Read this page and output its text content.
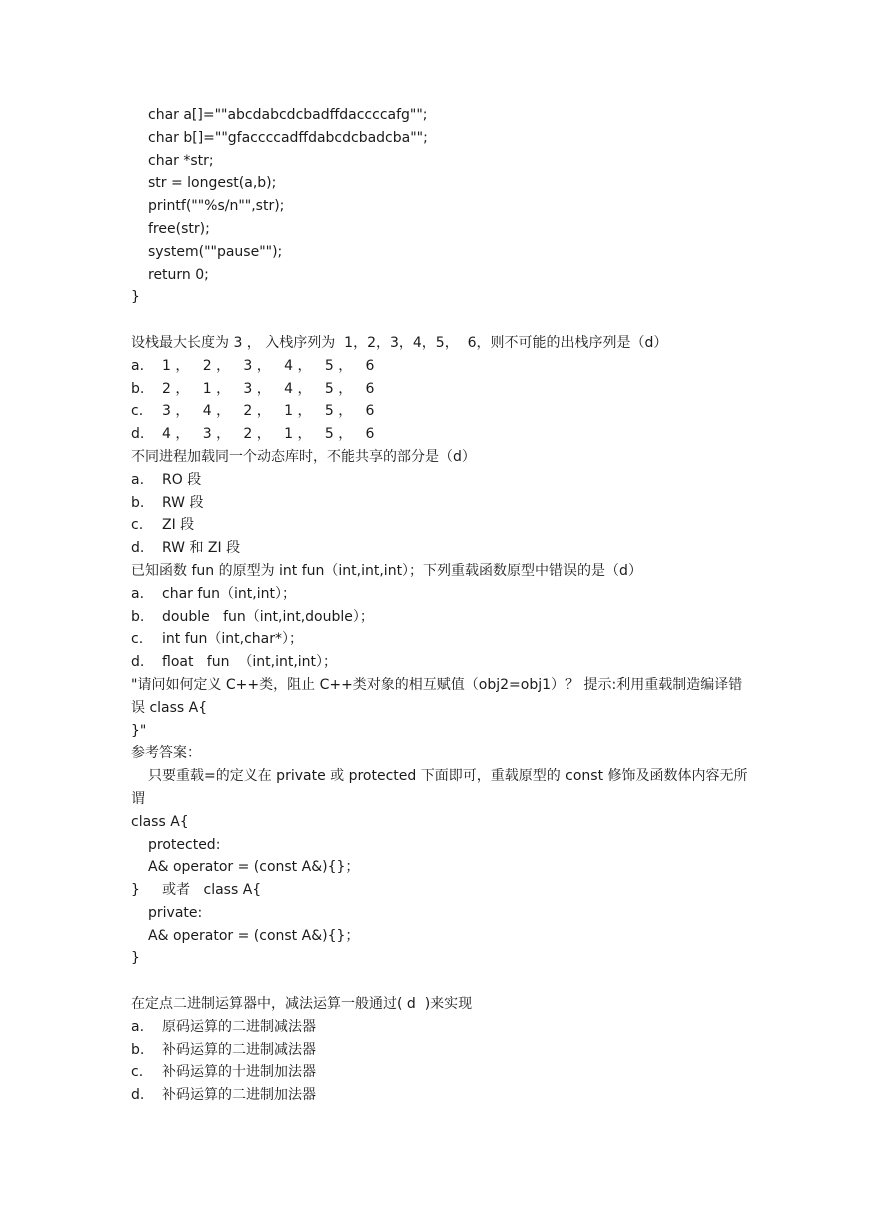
char a[]=""abcdabcdcbadffdaccccafg"";
char b[]=""gfaccccadffdabcdcbadcba"";
char *str;
str = longest(a,b);
printf(""%s/n"",str);
free(str);
system(""pause"");
return 0;
}
设栈最大长度为 3 ， 入栈序列为  1，2，3，4，5，  6，则不可能的出栈序列是（d）
a.	1 ，   2 ，   3 ，   4 ，   5 ，   6
b.	2 ，   1 ，   3 ，   4 ，   5 ，   6
c.	3 ，   4 ，   2 ，   1 ，   5 ，   6
d.	4 ，   3 ，   2 ，   1 ，   5 ，   6
不同进程加载同一个动态库时，不能共享的部分是（d）
a.	RO 段
b.	RW 段
c.	ZI 段
d.	RW 和 ZI 段
已知函数 fun 的原型为 int fun（int,int,int）；下列重载函数原型中错误的是（d）
a.	char fun（int,int）；
b.	double   fun（int,int,double）；
c.	int fun（int,char*）；
d.	float   fun  （int,int,int）；
"请问如何定义 C++类，阻止 C++类对象的相互赋值（obj2=obj1）？ 提示:利用重载制造编译错误 class A{
}"
参考答案：
只要重载=的定义在 private 或 protected 下面即可，重载原型的 const 修饰及函数体内容无所谓
class A{
protected:
A& operator = (const A&){}；
}     或者   class A{
private:
A& operator = (const A&){}；
}
在定点二进制运算器中，减法运算一般通过( d  )来实现
a.	原码运算的二进制减法器
b.	补码运算的二进制减法器
c.	补码运算的十进制加法器
d.	补码运算的二进制加法器
